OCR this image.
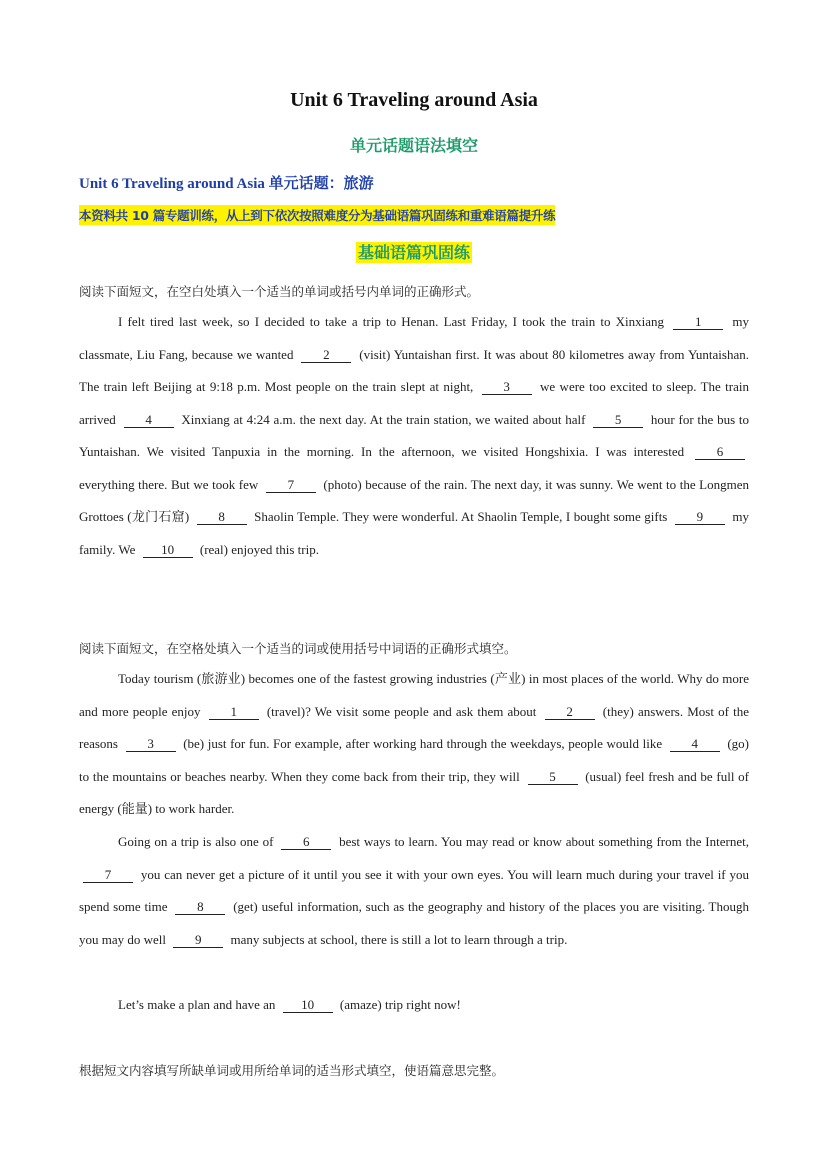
Unit 6 Traveling around Asia
单元话题语法填空
Unit 6 Traveling around Asia 单元话题：旅游
本资料共 10 篇专题训练，从上到下依次按照难度分为基础语篇巩固练和重难语篇提升练
基础语篇巩固练
阅读下面短文，在空白处填入一个适当的单词或括号内单词的正确形式。
I felt tired last week, so I decided to take a trip to Henan. Last Friday, I took the train to Xinxiang 1 my classmate, Liu Fang, because we wanted 2 (visit) Yuntaishan first. It was about 80 kilometres away from Yuntaishan. The train left Beijing at 9:18 p.m. Most people on the train slept at night, 3 we were too excited to sleep. The train arrived 4 Xinxiang at 4:24 a.m. the next day. At the train station, we waited about half 5 hour for the bus to Yuntaishan. We visited Tanpuxia in the morning. In the afternoon, we visited Hongshixia. I was interested 6 everything there. But we took few 7 (photo) because of the rain. The next day, it was sunny. We went to the Longmen Grottoes (龙门石窟) 8 Shaolin Temple. They were wonderful. At Shaolin Temple, I bought some gifts 9 my family. We 10 (real) enjoyed this trip.
阅读下面短文，在空格处填入一个适当的词或使用括号中词语的正确形式填空。
Today tourism (旅游业) becomes one of the fastest growing industries (产业) in most places of the world. Why do more and more people enjoy 1 (travel)? We visit some people and ask them about 2 (they) answers. Most of the reasons 3 (be) just for fun. For example, after working hard through the weekdays, people would like 4 (go) to the mountains or beaches nearby. When they come back from their trip, they will 5 (usual) feel fresh and be full of energy (能量) to work harder.
Going on a trip is also one of 6 best ways to learn. You may read or know about something from the Internet, 7 you can never get a picture of it until you see it with your own eyes. You will learn much during your travel if you spend some time 8 (get) useful information, such as the geography and history of the places you are visiting. Though you may do well 9 many subjects at school, there is still a lot to learn through a trip.
Let’s make a plan and have an 10 (amaze) trip right now!
根据短文内容填写所缺单词或用所给单词的适当形式填空，使语篇意思完整。
